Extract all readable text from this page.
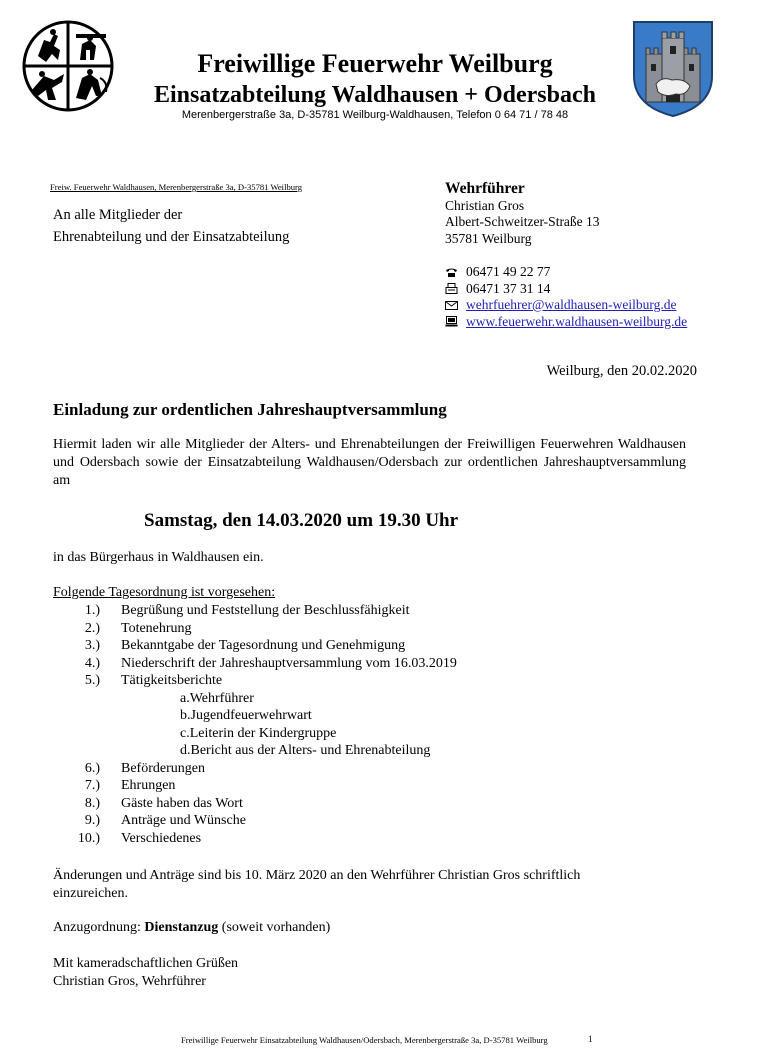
Freiwillige Feuerwehr Weilburg
Einsatzabteilung Waldhausen + Odersbach
Merenbergerstraße 3a, D-35781 Weilburg-Waldhausen, Telefon 0 64 71 / 78 48
Freiw. Feuerwehr Waldhausen, Merenbergerstraße 3a, D-35781 Weilburg
An alle Mitglieder der
Ehrenabteilung und der Einsatzabteilung
Wehrführer
Christian Gros
Albert-Schweitzer-Straße 13
35781 Weilburg
06471 49 22 77
06471 37 31 14
wehrfuehrer@waldhausen-weilburg.de
www.feuerwehr.waldhausen-weilburg.de
Weilburg, den 20.02.2020
Einladung zur ordentlichen Jahreshauptversammlung
Hiermit laden wir alle Mitglieder der Alters- und Ehrenabteilungen der Freiwilligen Feuerwehren Waldhausen und Odersbach sowie der Einsatzabteilung Waldhausen/Odersbach zur ordentlichen Jahreshauptversammlung am
Samstag, den 14.03.2020 um 19.30 Uhr
in das Bürgerhaus in Waldhausen ein.
Folgende Tagesordnung ist vorgesehen:
1.) Begrüßung und Feststellung der Beschlussfähigkeit
2.) Totenehrung
3.) Bekanntgabe der Tagesordnung und Genehmigung
4.) Niederschrift der Jahreshauptversammlung vom 16.03.2019
5.) Tätigkeitsberichte
a.Wehrführer
b.Jugendfeuerwehrwart
c.Leiterin der Kindergruppe
d.Bericht aus der Alters- und Ehrenabteilung
6.) Beförderungen
7.) Ehrungen
8.) Gäste haben das Wort
9.) Anträge und Wünsche
10.) Verschiedenes
Änderungen und Anträge sind bis 10. März 2020 an den Wehrführer Christian Gros schriftlich einzureichen.
Anzugordnung: Dienstanzug (soweit vorhanden)
Mit kameradschaftlichen Grüßen
Christian Gros, Wehrführer
Freiwillige Feuerwehr Einsatzabteilung Waldhausen/Odersbach, Merenbergerstraße 3a, D-35781 Weilburg	1
